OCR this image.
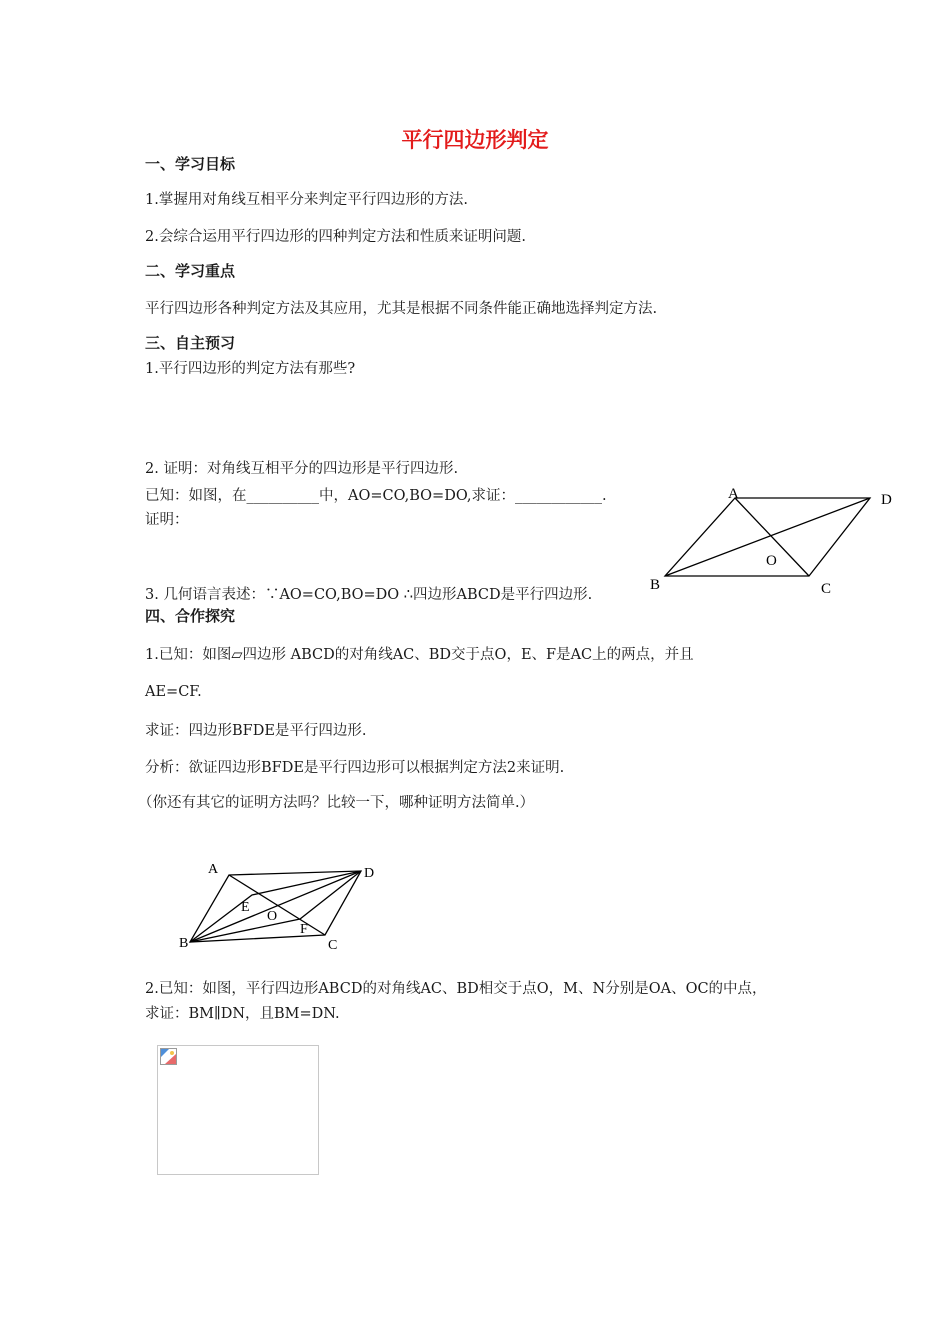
平行四边形判定
一、学习目标
1.掌握用对角线互相平分来判定平行四边形的方法.
2.会综合运用平行四边形的四种判定方法和性质来证明问题.
二、学习重点
平行四边形各种判定方法及其应用，尤其是根据不同条件能正确地选择判定方法.
三、自主预习
1.平行四边形的判定方法有那些?
2. 证明：对角线互相平分的四边形是平行四边形.
已知：如图，在__________中，AO=CO,BO=DO,求证：____________.
证明：
3. 几何语言表述：∵AO=CO,BO=DO ∴四边形ABCD是平行四边形.
A	D
B	C
O
四、合作探究
1.已知：如图▱四边形 ABCD的对角线AC、BD交于点O，E、F是AC上的两点，并且
AE=CF.
求证：四边形BFDE是平行四边形.
分析：欲证四边形BFDE是平行四边形可以根据判定方法2来证明.
（你还有其它的证明方法吗？比较一下，哪种证明方法简单.）
A	D
B	C
E
O
F
2.已知：如图，平行四边形ABCD的对角线AC、BD相交于点O，M、N分别是OA、OC的中点，
求证：BM∥DN，且BM=DN.
